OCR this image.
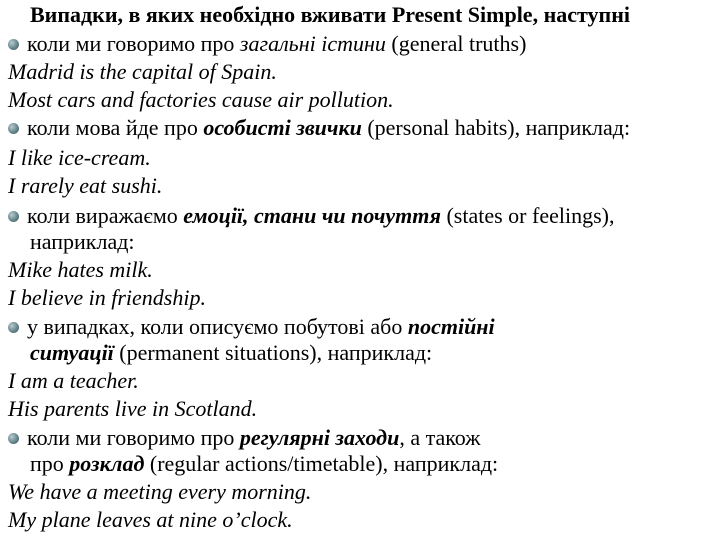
Випадки, в яких необхідно вживати Present Simple, наступні
коли ми говоримо про загальні істини (general truths)
Madrid is the capital of Spain.
Most cars and factories cause air pollution.
коли мова йде про особисті звички (personal habits), наприклад:
I like ice-cream.
I rarely eat sushi.
коли виражаємо емоції, стани чи почуття (states or feelings),
наприклад:
Mike hates milk.
I believe in friendship.
у випадках, коли описуємо побутові або постійні
ситуації (permanent situations), наприклад:
I am a teacher.
His parents live in Scotland.
коли ми говоримо про регулярні заходи, а також
про розклад (regular actions/timetable), наприклад:
We have a meeting every morning.
My plane leaves at nine o’clock.
